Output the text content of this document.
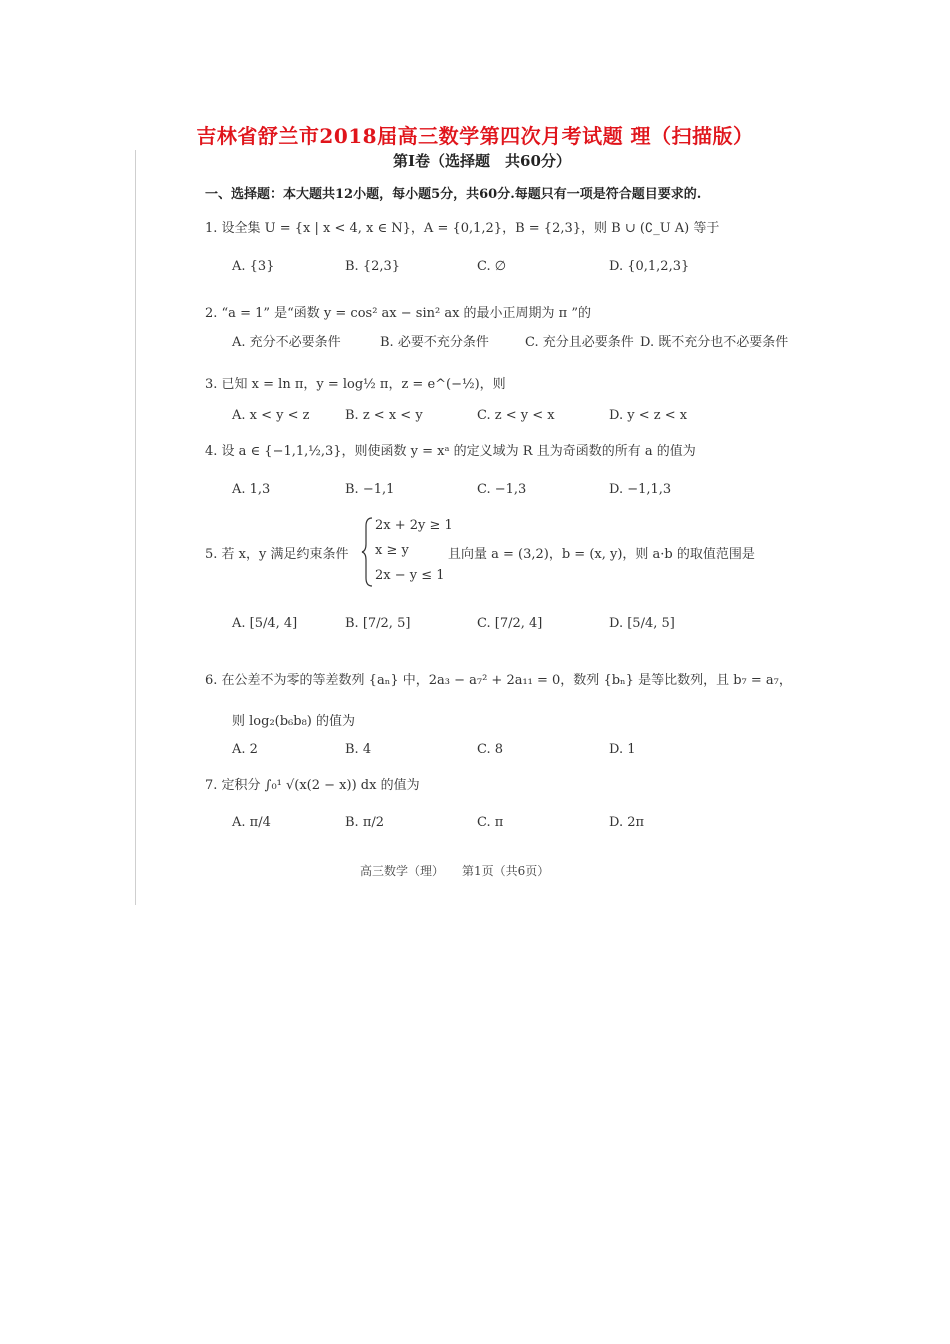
吉林省舒兰市2018届高三数学第四次月考试题 理（扫描版）
第Ⅰ卷（选择题　共60分）
一、选择题：本大题共12小题，每小题5分，共60分.每题只有一项是符合题目要求的.
1. 设全集 U = {x | x < 4, x ∈ N}，A = {0,1,2}，B = {2,3}，则 B ∪ (∁_U A) 等于
A. {3}	B. {2,3}	C. ∅	D. {0,1,2,3}
2. “a = 1” 是“函数 y = cos² ax − sin² ax 的最小正周期为 π ”的
A. 充分不必要条件	B. 必要不充分条件	C. 充分且必要条件 D. 既不充分也不必要条件
3. 已知 x = ln π，y = log½ π，z = e^(−½)，则
A. x < y < z	B. z < x < y	C. z < y < x	D. y < z < x
4. 设 a ∈ {−1,1,½,3}，则使函数 y = xᵃ 的定义域为 R 且为奇函数的所有 a 的值为
A. 1,3	B. −1,1	C. −1,3	D. −1,1,3
5. 若 x，y 满足约束条件
2x + 2y ≥ 1
x ≥ y
2x − y ≤ 1
且向量 a = (3,2)，b = (x, y)，则 a·b 的取值范围是
A. [5/4, 4]	B. [7/2, 5]	C. [7/2, 4]	D. [5/4, 5]
6. 在公差不为零的等差数列 {aₙ} 中，2a₃ − a₇² + 2a₁₁ = 0，数列 {bₙ} 是等比数列，且 b₇ = a₇，
则 log₂(b₆b₈) 的值为
A. 2	B. 4	C. 8	D. 1
7. 定积分 ∫₀¹ √(x(2 − x)) dx 的值为
A. π/4	B. π/2	C. π	D. 2π
高三数学（理）　　第1页（共6页）
